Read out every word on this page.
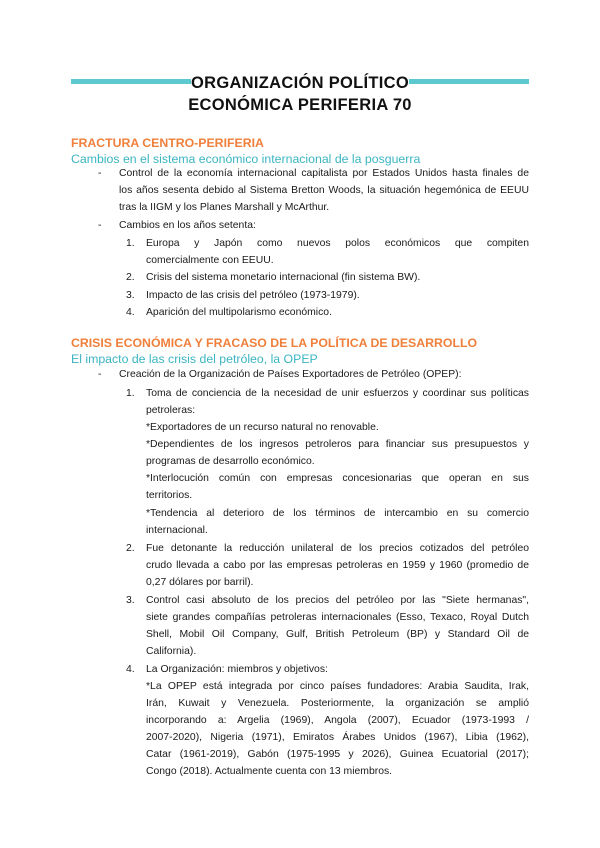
ORGANIZACIÓN POLÍTICO
ECONÓMICA PERIFERIA 70
FRACTURA CENTRO-PERIFERIA
Cambios en el sistema económico internacional de la posguerra
- Control de la economía internacional capitalista por Estados Unidos hasta finales de
los años sesenta debido al Sistema Bretton Woods, la situación hegemónica de EEUU
tras la IIGM y los Planes Marshall y McArthur.
- Cambios en los años setenta:
1. Europa y Japón como nuevos polos económicos que compiten
comercialmente con EEUU.
2. Crisis del sistema monetario internacional (fin sistema BW).
3. Impacto de las crisis del petróleo (1973-1979).
4. Aparición del multipolarismo económico.
CRISIS ECONÓMICA Y FRACASO DE LA POLÍTICA DE DESARROLLO
El impacto de las crisis del petróleo, la OPEP
- Creación de la Organización de Países Exportadores de Petróleo (OPEP):
1. Toma de conciencia de la necesidad de unir esfuerzos y coordinar sus políticas
petroleras:
*Exportadores de un recurso natural no renovable.
*Dependientes de los ingresos petroleros para financiar sus presupuestos y
programas de desarrollo económico.
*Interlocución común con empresas concesionarias que operan en sus
territorios.
*Tendencia al deterioro de los términos de intercambio en su comercio
internacional.
2. Fue detonante la reducción unilateral de los precios cotizados del petróleo
crudo llevada a cabo por las empresas petroleras en 1959 y 1960 (promedio de
0,27 dólares por barril).
3. Control casi absoluto de los precios del petróleo por las "Siete hermanas",
siete grandes compañías petroleras internacionales (Esso, Texaco, Royal Dutch
Shell, Mobil Oil Company, Gulf, British Petroleum (BP) y Standard Oil de
California).
4. La Organización: miembros y objetivos:
*La OPEP está integrada por cinco países fundadores: Arabia Saudita, Irak,
Irán, Kuwait y Venezuela. Posteriormente, la organización se amplió
incorporando a: Argelia (1969), Angola (2007), Ecuador (1973-1993 /
2007-2020), Nigeria (1971), Emiratos Árabes Unidos (1967), Libia (1962),
Catar (1961-2019), Gabón (1975-1995 y 2026), Guinea Ecuatorial (2017);
Congo (2018). Actualmente cuenta con 13 miembros.
